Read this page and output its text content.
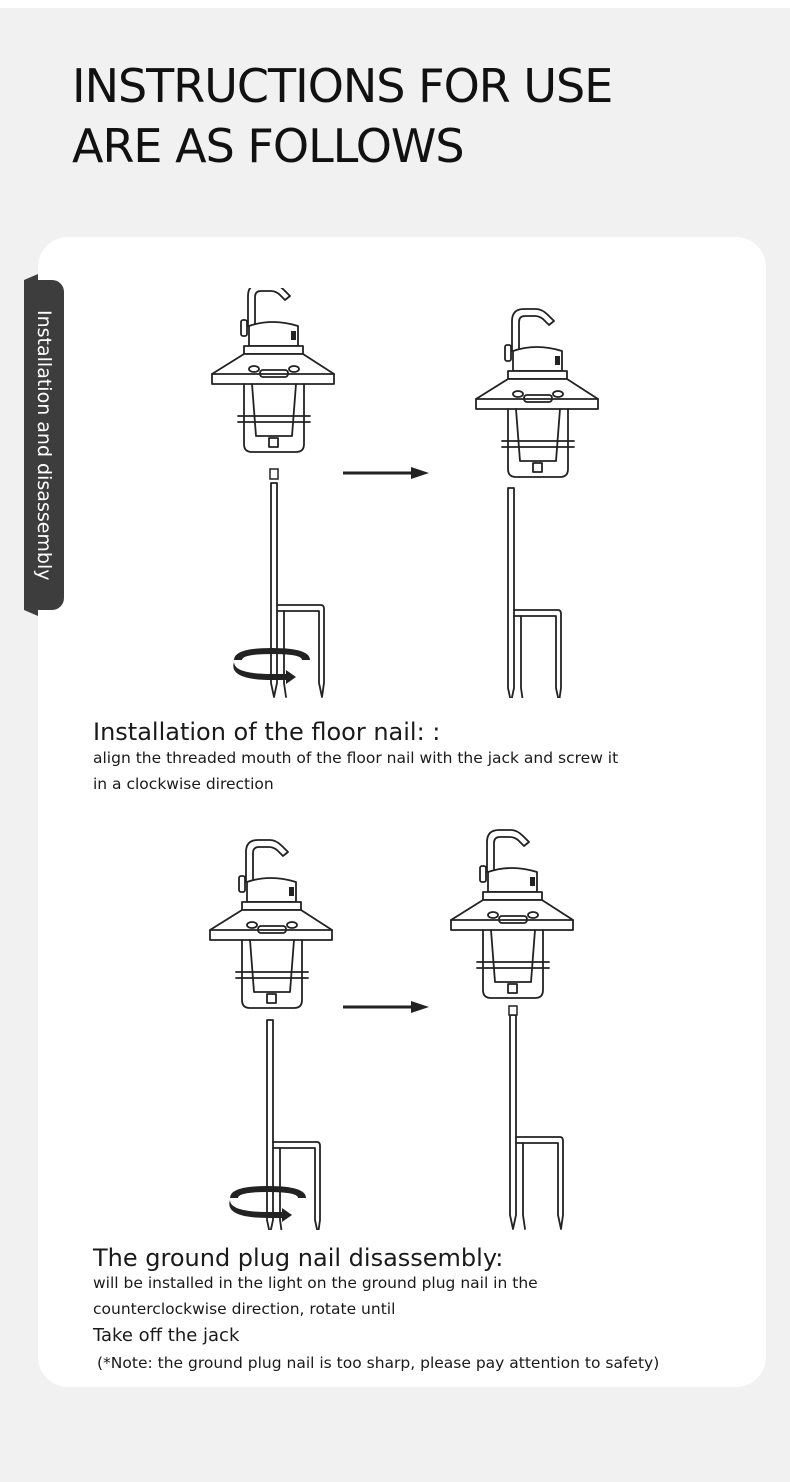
INSTRUCTIONS FOR USE
ARE AS FOLLOWS
Installation and disassembly
Installation of the floor nail: :

align the threaded mouth of the floor nail with the jack and screw it
in a clockwise direction

The ground plug nail disassembly:

will be installed in the light on the ground plug nail in the
counterclockwise direction, rotate until

Take off the jack

(*Note: the ground plug nail is too sharp, please pay attention to safety)
